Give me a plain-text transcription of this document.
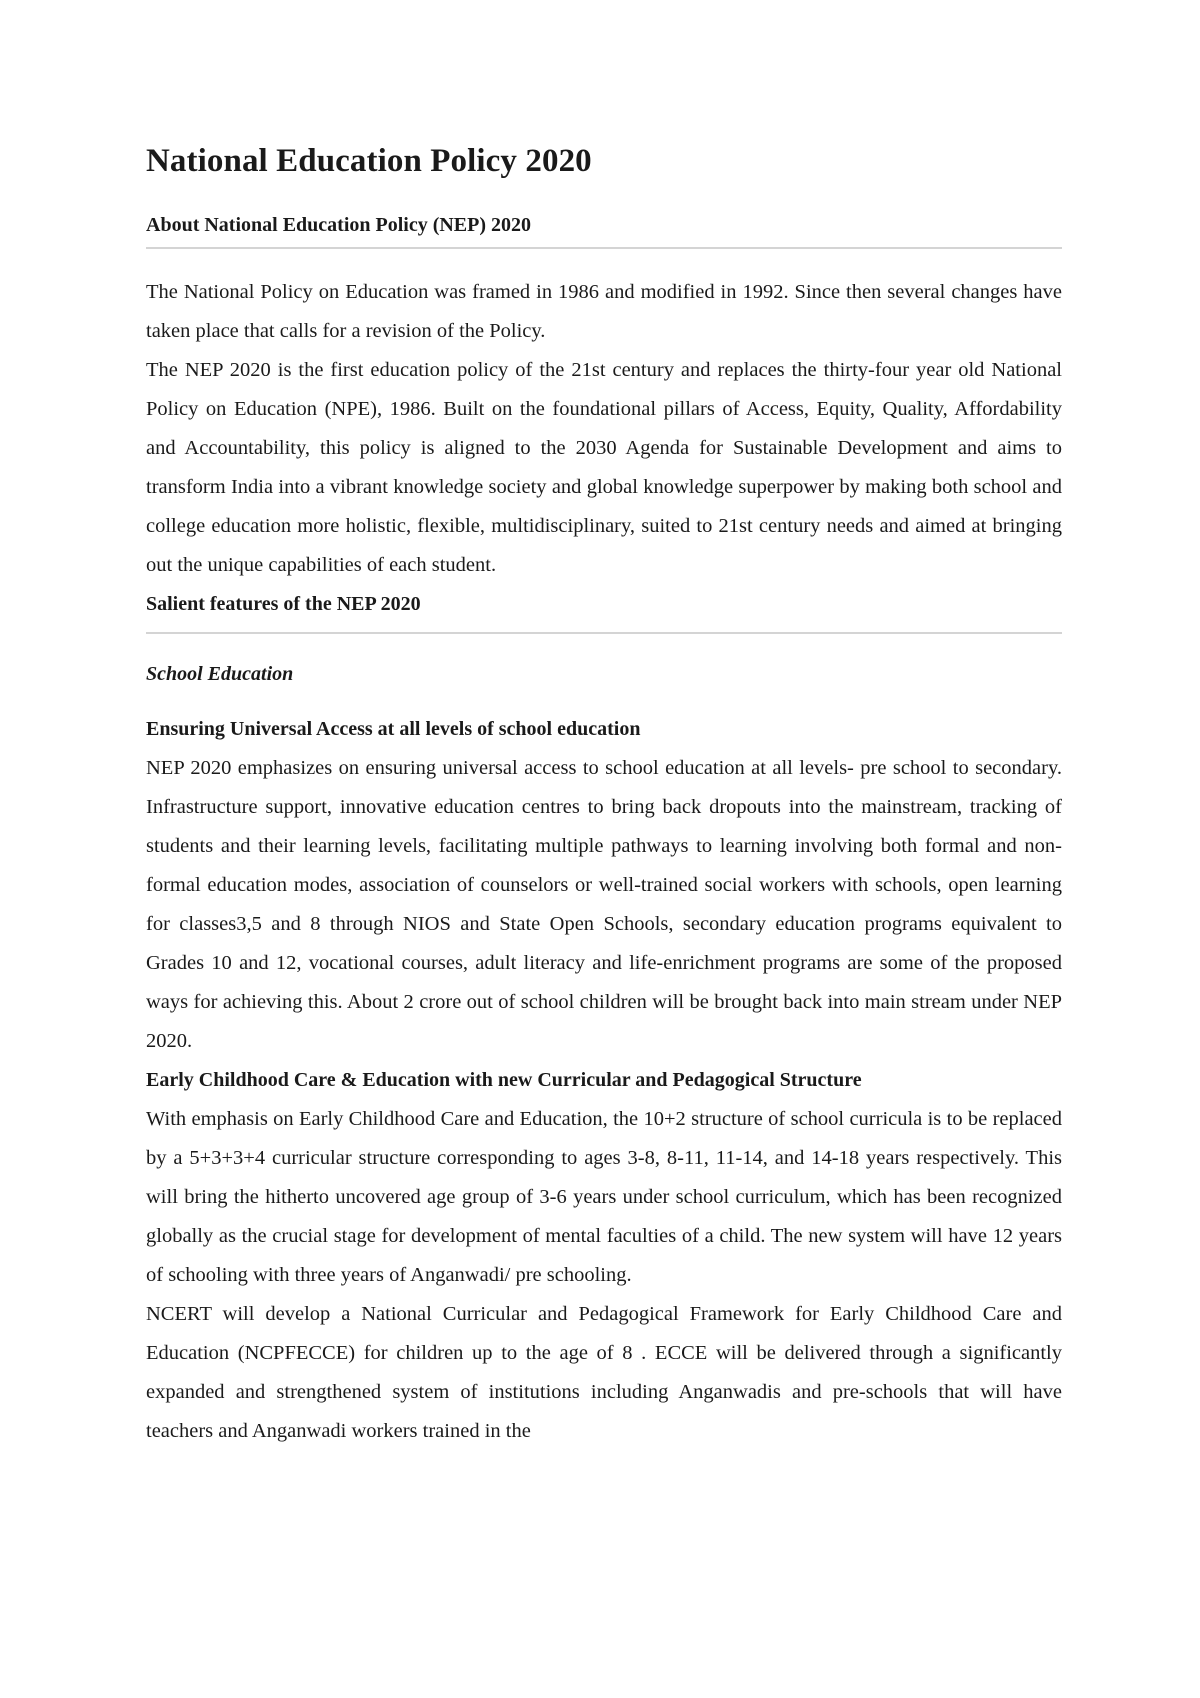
National Education Policy 2020
About National Education Policy (NEP) 2020

The National Policy on Education was framed in 1986 and modified in 1992. Since then several changes have taken place that calls for a revision of the Policy.

The NEP 2020 is the first education policy of the 21st century and replaces the thirty-four year old National Policy on Education (NPE), 1986. Built on the foundational pillars of Access, Equity, Quality, Affordability and Accountability, this policy is aligned to the 2030 Agenda for Sustainable Development and aims to transform India into a vibrant knowledge society and global knowledge superpower by making both school and college education more holistic, flexible, multidisciplinary, suited to 21st century needs and aimed at bringing out the unique capabilities of each student.

Salient features of the NEP 2020
School Education
Ensuring Universal Access at all levels of school education

NEP 2020 emphasizes on ensuring universal access to school education at all levels- pre school to secondary. Infrastructure support, innovative education centres to bring back dropouts into the mainstream, tracking of students and their learning levels, facilitating multiple pathways to learning involving both formal and non-formal education modes, association of counselors or well-trained social workers with schools, open learning for classes3,5 and 8 through NIOS and State Open Schools, secondary education programs equivalent to Grades 10 and 12, vocational courses, adult literacy and life-enrichment programs are some of the proposed ways for achieving this. About 2 crore out of school children will be brought back into main stream under NEP 2020.

Early Childhood Care & Education with new Curricular and Pedagogical Structure

With emphasis on Early Childhood Care and Education, the 10+2 structure of school curricula is to be replaced by a 5+3+3+4 curricular structure corresponding to ages 3-8, 8-11, 11-14, and 14-18 years respectively. This will bring the hitherto uncovered age group of 3-6 years under school curriculum, which has been recognized globally as the crucial stage for development of mental faculties of a child. The new system will have 12 years of schooling with three years of Anganwadi/ pre schooling.

NCERT will develop a National Curricular and Pedagogical Framework for Early Childhood Care and Education (NCPFECCE) for children up to the age of 8 . ECCE will be delivered through a significantly expanded and strengthened system of institutions including Anganwadis and pre-schools that will have teachers and Anganwadi workers trained in the
